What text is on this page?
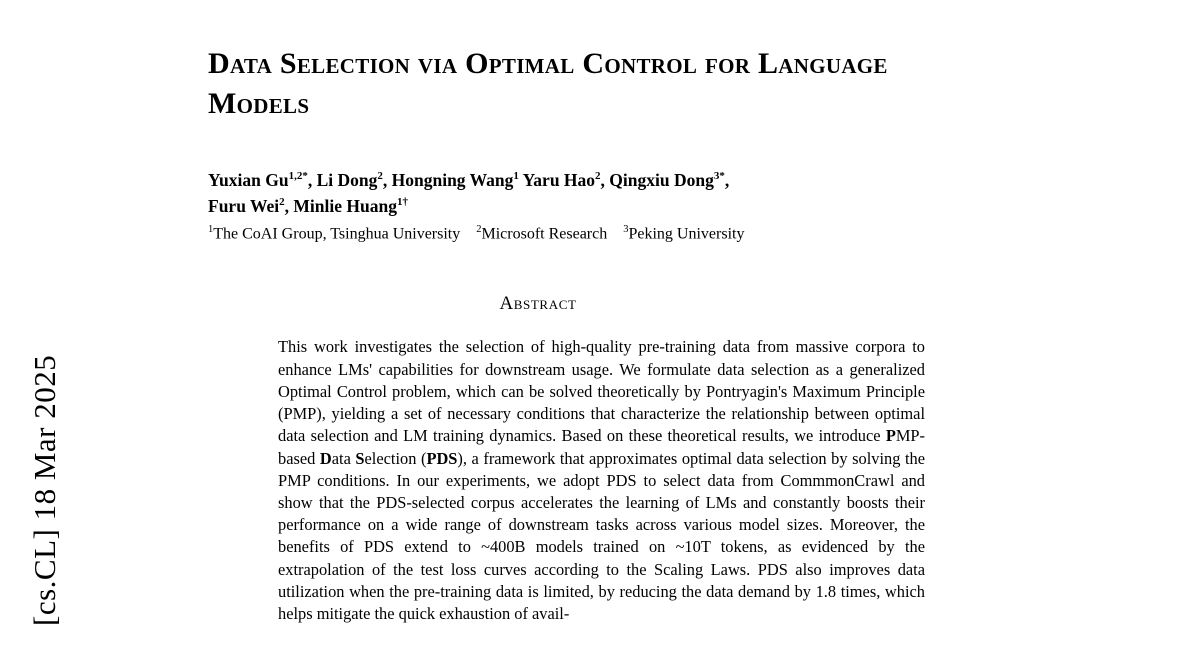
[cs.CL] 18 Mar 2025
Data Selection via Optimal Control for Language Models
Yuxian $Gu^{1,2*}$, Li Dong$^2$, Hongning Wang$^1$ Yaru Hao$^2$, Qingxiu Dong$^{3*}$,
Furu Wei$^2$, Minlie Huang$^{1\dagger}$
$^1$The CoAI Group, Tsinghua University    $^2$Microsoft Research    $^3$Peking University
Abstract
This work investigates the selection of high-quality pre-training data from massive corpora to enhance LMs' capabilities for downstream usage. We formulate data selection as a generalized Optimal Control problem, which can be solved theoretically by Pontryagin's Maximum Principle (PMP), yielding a set of necessary conditions that characterize the relationship between optimal data selection and LM training dynamics. Based on these theoretical results, we introduce PMP-based Data Selection (PDS), a framework that approximates optimal data selection by solving the PMP conditions. In our experiments, we adopt PDS to select data from CommmonCrawl and show that the PDS-selected corpus accelerates the learning of LMs and constantly boosts their performance on a wide range of downstream tasks across various model sizes. Moreover, the benefits of PDS extend to ~400B models trained on ~10T tokens, as evidenced by the extrapolation of the test loss curves according to the Scaling Laws. PDS also improves data utilization when the pre-training data is limited, by reducing the data demand by 1.8 times, which helps mitigate the quick exhaustion of avail-
